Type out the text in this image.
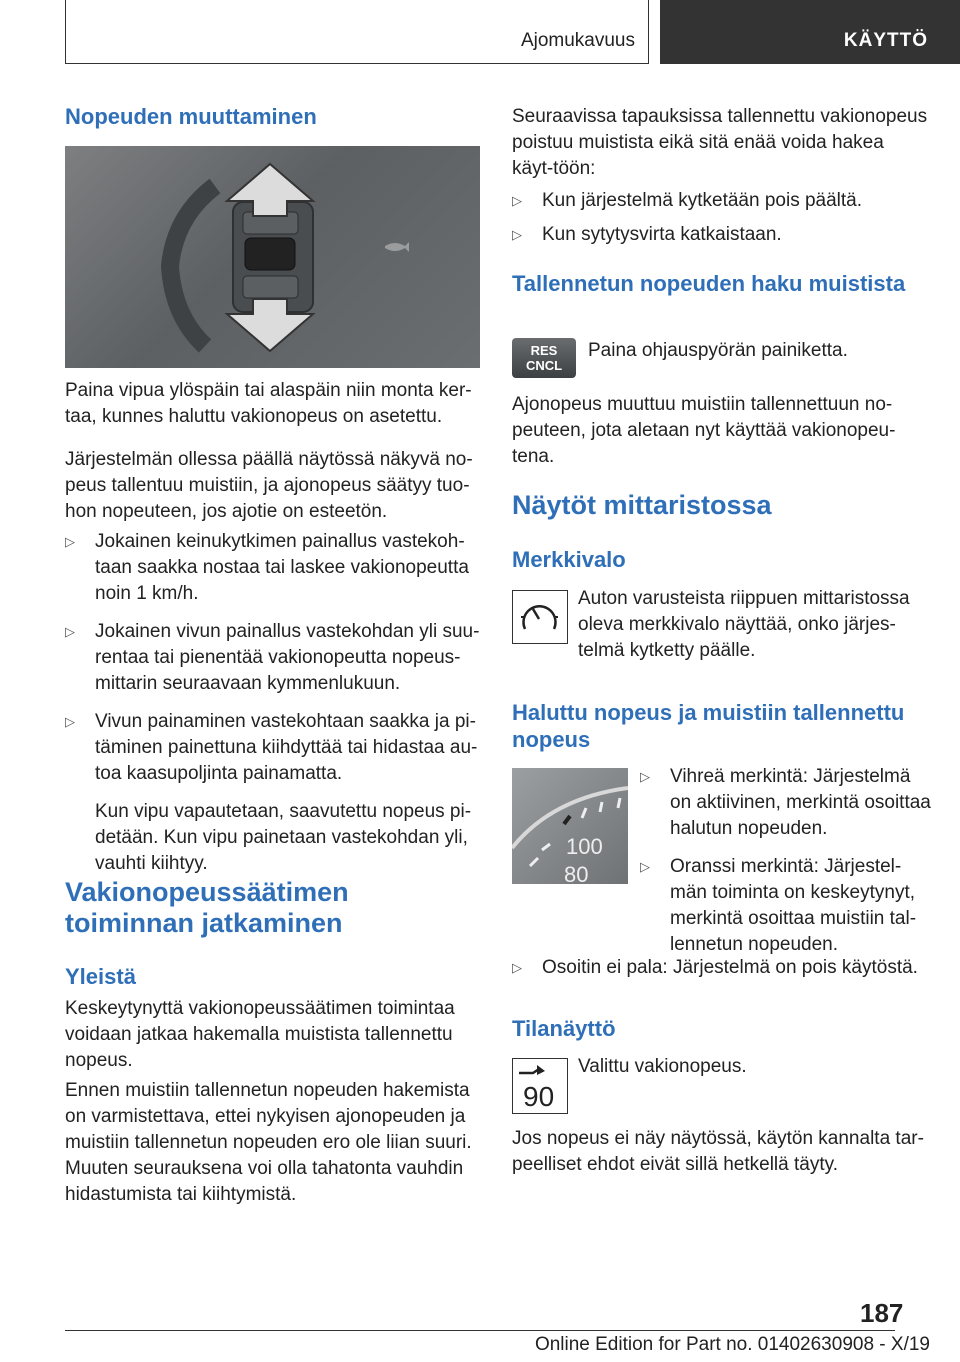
Ajomukavuus	KÄYTTÖ
Nopeuden muuttaminen
Paina vipua ylöspäin tai alaspäin niin monta ker-taa, kunnes haluttu vakionopeus on asetettu.
Järjestelmän ollessa päällä näytössä näkyvä no-peus tallentuu muistiin, ja ajonopeus säätyy tuo-hon nopeuteen, jos ajotie on esteetön.
▷ Jokainen keinukytkimen painallus vastekoh-taan saakka nostaa tai laskee vakionopeutta noin 1 km/h.
▷ Jokainen vivun painallus vastekohdan yli suu-rentaa tai pienentää vakionopeutta nopeus-mittarin seuraavaan kymmenlukuun.
▷ Vivun painaminen vastekohtaan saakka ja pi-täminen painettuna kiihdyttää tai hidastaa au-toa kaasupoljinta painamatta.
Kun vipu vapautetaan, saavutettu nopeus pi-detään. Kun vipu painetaan vastekohdan yli, vauhti kiihtyy.
Vakionopeussäätimen toiminnan jatkaminen
Yleistä
Keskeytynyttä vakionopeussäätimen toimintaa voidaan jatkaa hakemalla muistista tallennettu nopeus.
Ennen muistiin tallennetun nopeuden hakemista on varmistettava, ettei nykyisen ajonopeuden ja muistiin tallennetun nopeuden ero ole liian suuri. Muuten seurauksena voi olla tahatonta vauhdin hidastumista tai kiihtymistä.
Seuraavissa tapauksissa tallennettu vakionopeus poistuu muistista eikä sitä enää voida hakea käyt-töön:
▷ Kun järjestelmä kytketään pois päältä.
▷ Kun sytytysvirta katkaistaan.
Tallennetun nopeuden haku muistista
RES
CNCL
Paina ohjauspyörän painiketta.
Ajonopeus muuttuu muistiin tallennettuun no-peuteen, jota aletaan nyt käyttää vakionopeu-tena.
Näytöt mittaristossa
Merkkivalo
Auton varusteista riippuen mittaristossa oleva merkkivalo näyttää, onko järjes-telmä kytketty päälle.
Haluttu nopeus ja muistiin tallennettu nopeus
100
80
▷ Vihreä merkintä: Järjestelmä on aktiivinen, merkintä osoittaa halutun nopeuden.
▷ Oranssi merkintä: Järjestel-män toiminta on keskeytynyt, merkintä osoittaa muistiin tal-lennetun nopeuden.
▷ Osoitin ei pala: Järjestelmä on pois käytöstä.
Tilanäyttö
90
Valittu vakionopeus.
Jos nopeus ei näy näytössä, käytön kannalta tar-peelliset ehdot eivät sillä hetkellä täyty.
187
Online Edition for Part no. 01402630908 - X/19
